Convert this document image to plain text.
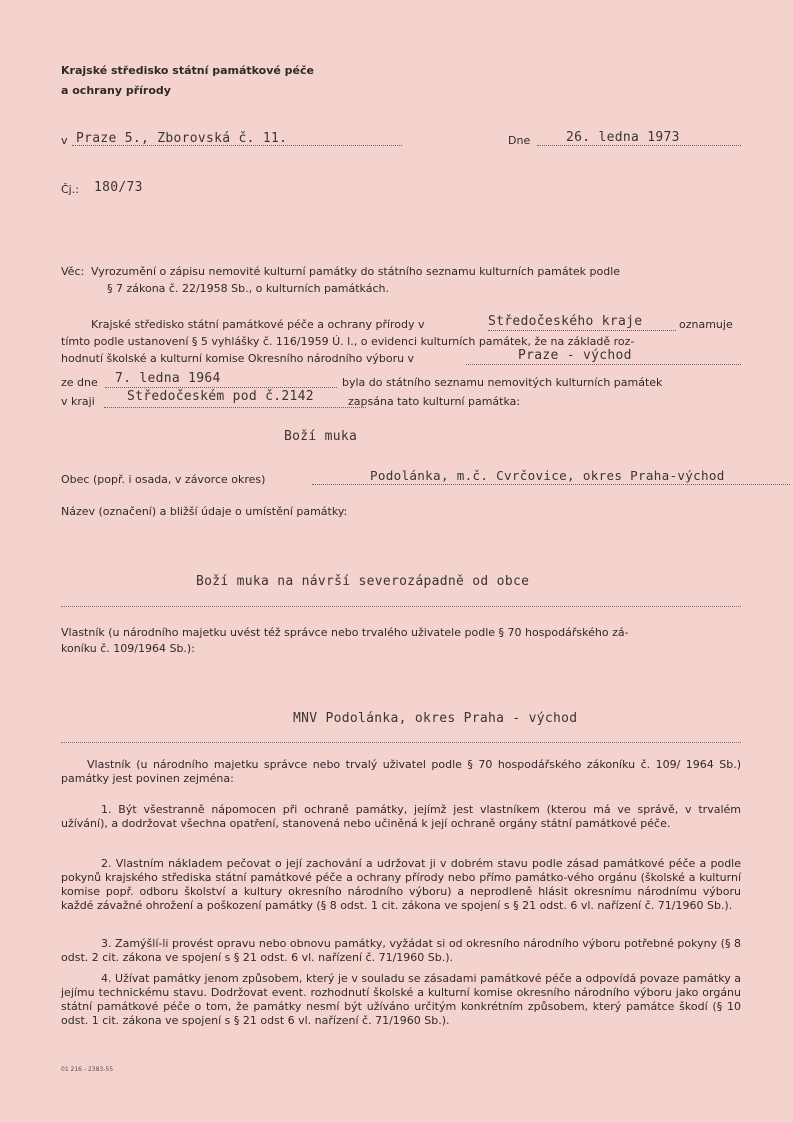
Krajské středisko státní památkové péče
a ochrany přírody
v Praze 5., Zborovská č. 11.	Dne	26. ledna 1973
Čj.: 180/73
Věc: Vyrozumění o zápisu nemovité kulturní památky do státního seznamu kulturních památek podle
§ 7 zákona č. 22/1958 Sb., o kulturních památkách.
Krajské středisko státní památkové péče a ochrany přírody v	Středočeského kraje	oznamuje
tímto podle ustanovení § 5 vyhlášky č. 116/1959 Ú. l., o evidenci kulturních památek, že na základě roz-
hodnutí školské a kulturní komise Okresního národního výboru v	Praze - východ
ze dne 7. ledna 1964	byla do státního seznamu nemovitých kulturních památek
v kraji Středočeském pod č.2142	zapsána tato kulturní památka:
Boží muka
Obec (popř. i osada, v závorce okres)	Podolánka, m.č. Cvrčovice, okres Praha-východ
Název (označení) a bližší údaje o umístění památky:
Boží muka na návrší severozápadně od obce
Vlastník (u národního majetku uvést též správce nebo trvalého uživatele podle § 70 hospodářského zá-
koníku č. 109/1964 Sb.):
MNV Podolánka, okres Praha - východ
Vlastník (u národního majetku správce nebo trvalý uživatel podle § 70 hospodářského zákoníku č. 109/ 1964 Sb.) památky jest povinen zejména:
1. Být všestranně nápomocen při ochraně památky, jejímž jest vlastníkem (kterou má ve správě, v trvalém užívání), a dodržovat všechna opatření, stanovená nebo učiněná k její ochraně orgány státní památkové péče.
2. Vlastním nákladem pečovat o její zachování a udržovat ji v dobrém stavu podle zásad památkové péče a podle pokynů krajského střediska státní památkové péče a ochrany přírody nebo přímo památko-vého orgánu (školské a kulturní komise popř. odboru školství a kultury okresního národního výboru) a neprodleně hlásit okresnímu národnímu výboru každé závažné ohrožení a poškození památky (§ 8 odst. 1 cit. zákona ve spojení s § 21 odst. 6 vl. nařízení č. 71/1960 Sb.).
3. Zamýšlí-li provést opravu nebo obnovu památky, vyžádat si od okresního národního výboru potřebné pokyny (§ 8 odst. 2 cit. zákona ve spojení s § 21 odst. 6 vl. nařízení č. 71/1960 Sb.).
4. Užívat památky jenom způsobem, který je v souladu se zásadami památkové péče a odpovídá povaze památky a jejímu technickému stavu. Dodržovat event. rozhodnutí školské a kulturní komise okresního národního výboru jako orgánu státní památkové péče o tom, že památky nesmí být užíváno určitým konkrétním způsobem, který památce škodí (§ 10 odst. 1 cit. zákona ve spojení s § 21 odst 6 vl. nařízení č. 71/1960 Sb.).
01 216 - 2383-55
